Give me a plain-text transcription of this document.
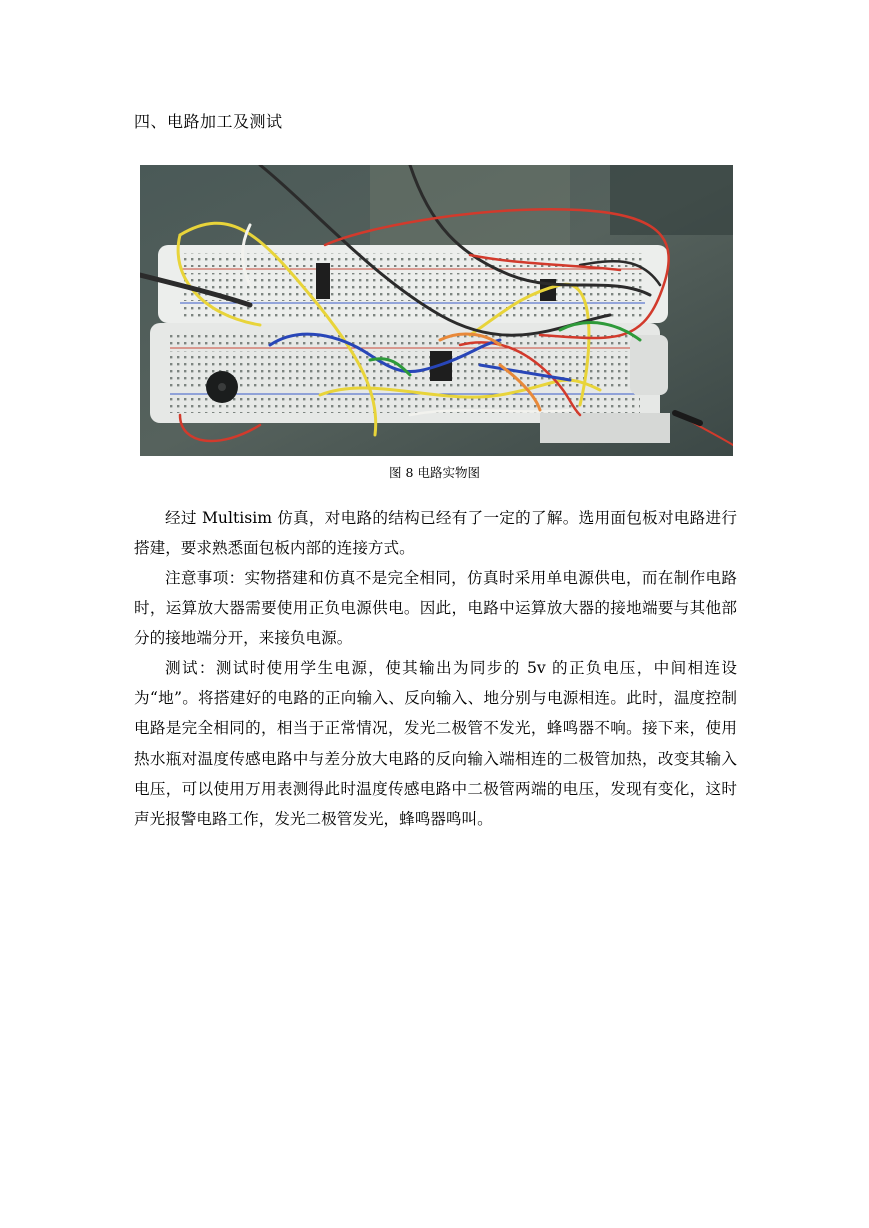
四、电路加工及测试
图 8 电路实物图

经过 Multisim 仿真，对电路的结构已经有了一定的了解。选用面包板对电路进行搭建，要求熟悉面包板内部的连接方式。

注意事项：实物搭建和仿真不是完全相同，仿真时采用单电源供电，而在制作电路时，运算放大器需要使用正负电源供电。因此，电路中运算放大器的接地端要与其他部分的接地端分开，来接负电源。

测试：测试时使用学生电源，使其输出为同步的 5v 的正负电压，中间相连设为“地”。将搭建好的电路的正向输入、反向输入、地分别与电源相连。此时，温度控制电路是完全相同的，相当于正常情况，发光二极管不发光，蜂鸣器不响。接下来，使用热水瓶对温度传感电路中与差分放大电路的反向输入端相连的二极管加热，改变其输入电压，可以使用万用表测得此时温度传感电路中二极管两端的电压，发现有变化，这时声光报警电路工作，发光二极管发光，蜂鸣器鸣叫。
